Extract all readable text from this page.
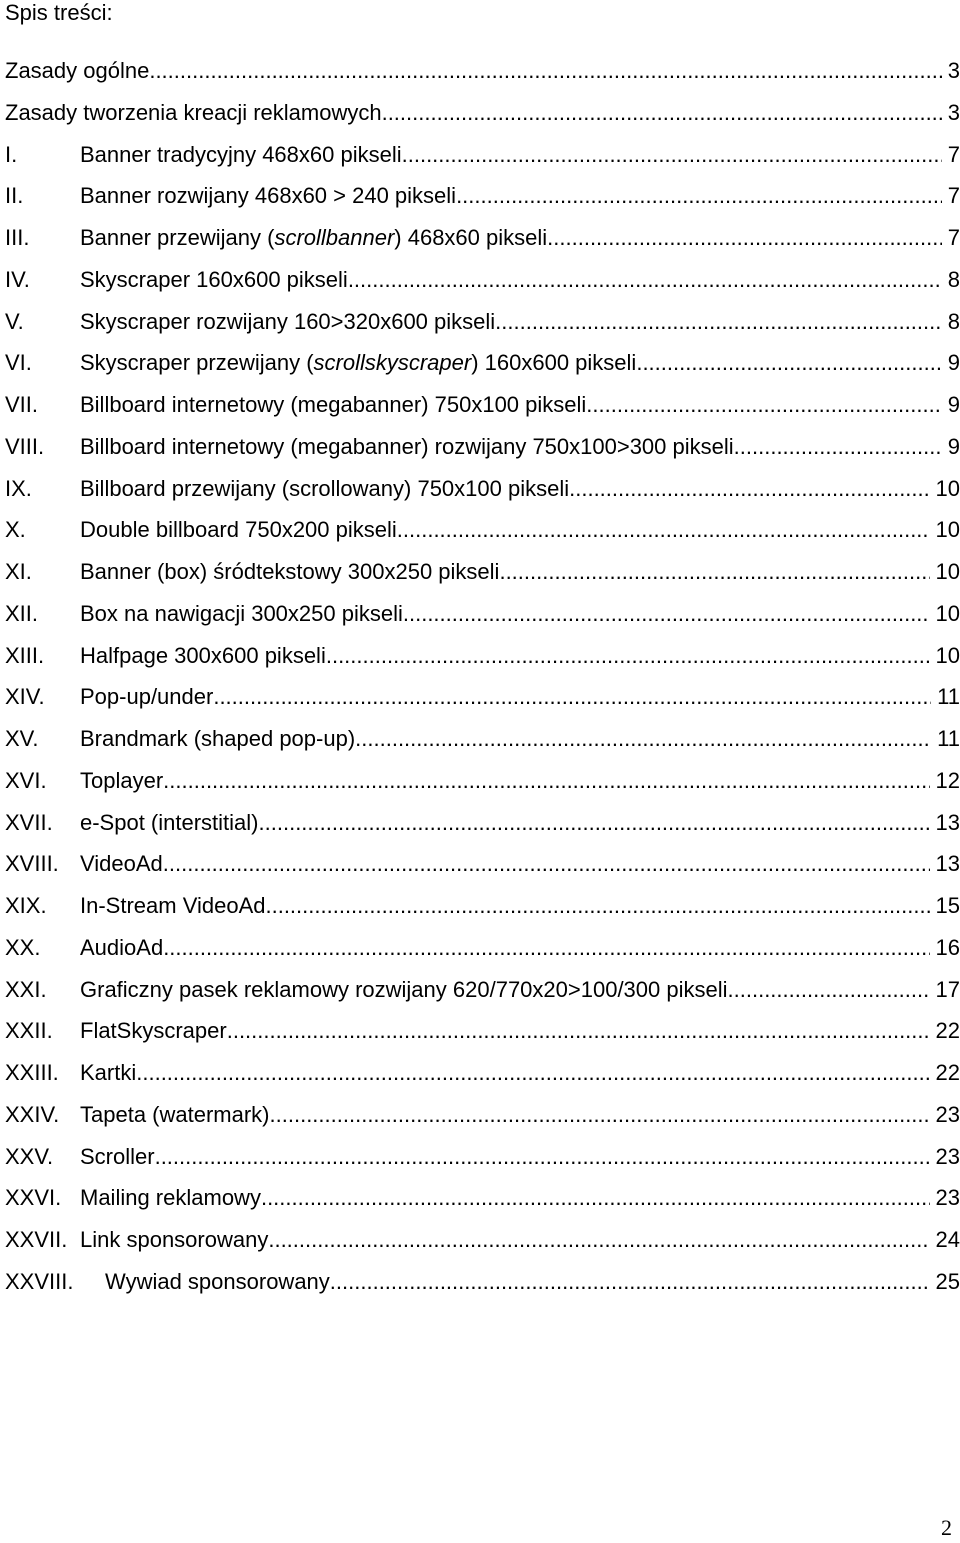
Spis treści:
Zasady ogólne .....	3
Zasady tworzenia kreacji reklamowych .....	3
I.	Banner tradycyjny 468x60 pikseli .....	7
II.	Banner rozwijany 468x60 > 240 pikseli .....	7
III.	Banner przewijany (scrollbanner) 468x60 pikseli .....	7
IV.	Skyscraper 160x600 pikseli .....	8
V.	Skyscraper rozwijany 160>320x600 pikseli .....	8
VI.	Skyscraper przewijany (scrollskyscraper) 160x600 pikseli .....	9
VII.	Billboard internetowy (megabanner) 750x100 pikseli .....	9
VIII.	Billboard internetowy (megabanner) rozwijany 750x100>300 pikseli .....	9
IX.	Billboard przewijany (scrollowany) 750x100 pikseli .....	10
X.	Double billboard 750x200 pikseli .....	10
XI.	Banner (box) śródtekstowy 300x250 pikseli .....	10
XII.	Box na nawigacji 300x250 pikseli .....	10
XIII.	Halfpage 300x600 pikseli .....	10
XIV.	Pop-up/under .....	11
XV.	Brandmark (shaped pop-up) .....	11
XVI.	Toplayer .....	12
XVII.	e-Spot (interstitial) .....	13
XVIII. VideoAd .....	13
XIX.	In-Stream VideoAd .....	15
XX.	AudioAd .....	16
XXI.	Graficzny pasek reklamowy rozwijany 620/770x20>100/300 pikseli .....	17
XXII.	FlatSkyscraper .....	22
XXIII. Kartki .....	22
XXIV. Tapeta (watermark) .....	23
XXV.	Scroller .....	23
XXVI. Mailing reklamowy .....	23
XXVII. Link sponsorowany .....	24
XXVIII.	Wywiad sponsorowany .....	25
2
